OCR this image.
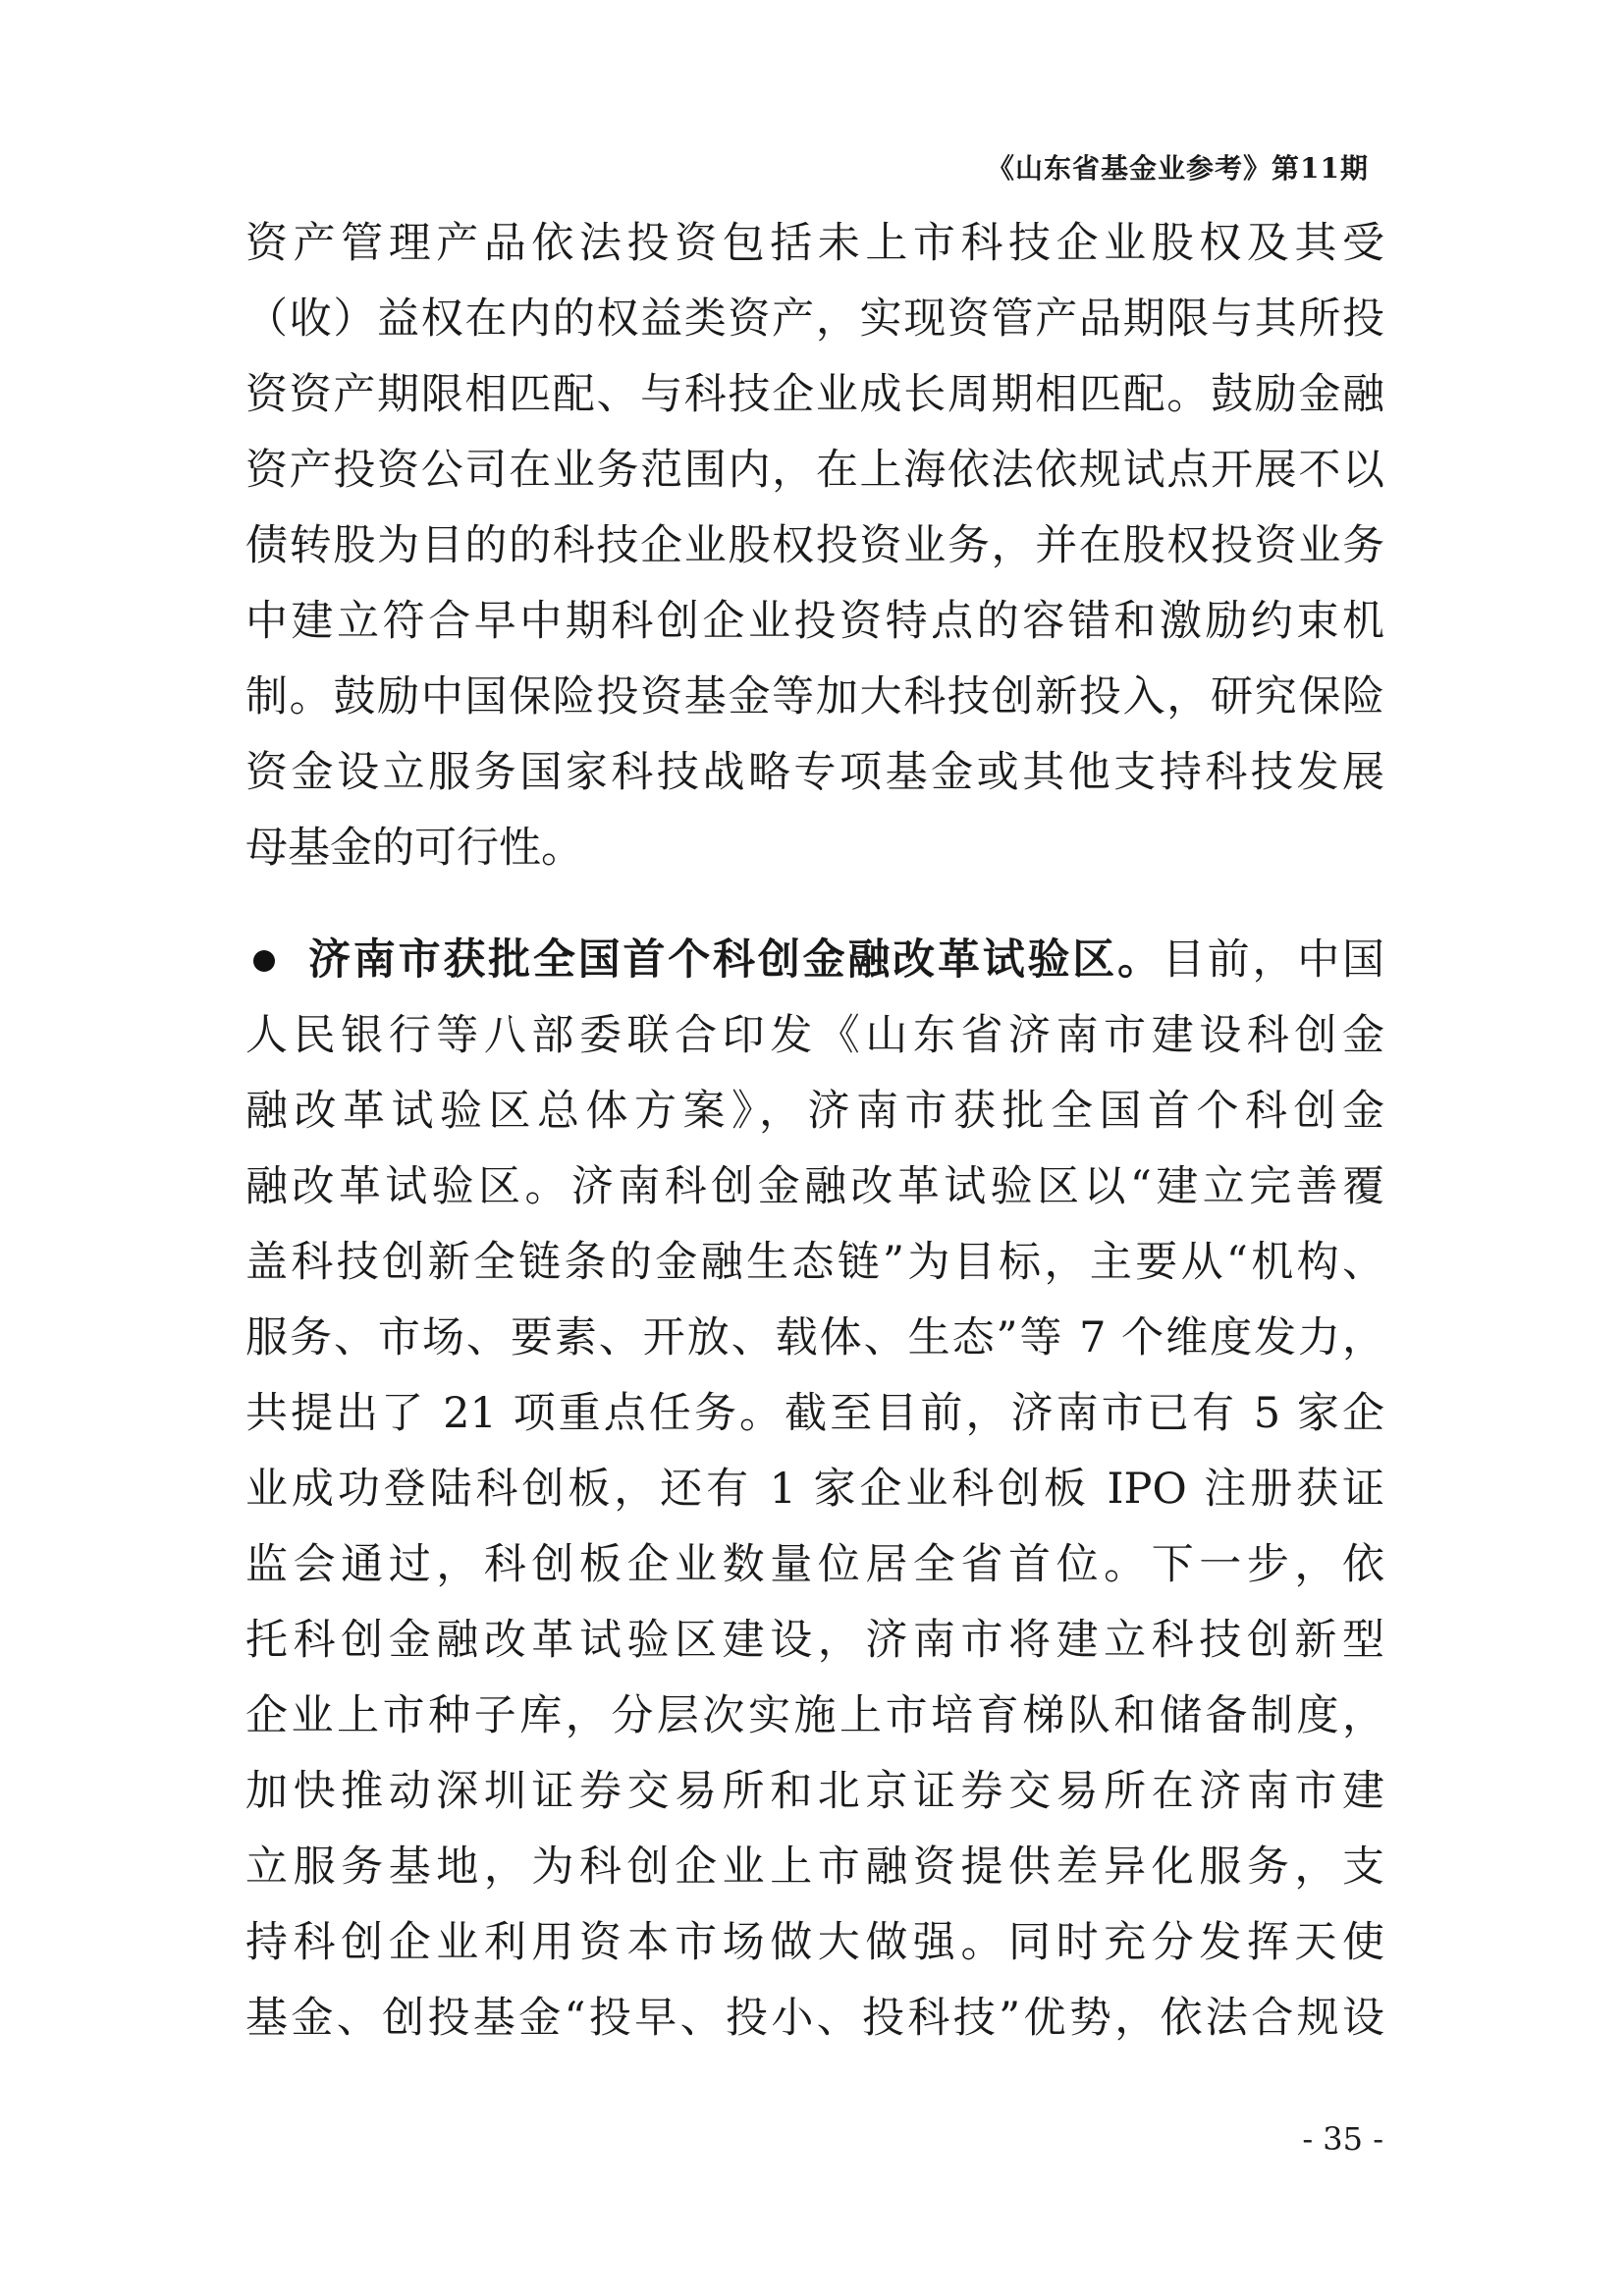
《山东省基金业参考》第11期
资产管理产品依法投资包括未上市科技企业股权及其受
（收）益权在内的权益类资产，实现资管产品期限与其所投
资资产期限相匹配、与科技企业成长周期相匹配。鼓励金融
资产投资公司在业务范围内，在上海依法依规试点开展不以
债转股为目的的科技企业股权投资业务，并在股权投资业务
中建立符合早中期科创企业投资特点的容错和激励约束机
制。鼓励中国保险投资基金等加大科技创新投入，研究保险
资金设立服务国家科技战略专项基金或其他支持科技发展
母基金的可行性。
济南市获批全国首个科创金融改革试验区。目前，中国
人民银行等八部委联合印发《山东省济南市建设科创金
融改革试验区总体方案》，济南市获批全国首个科创金
融改革试验区。济南科创金融改革试验区以“建立完善覆
盖科技创新全链条的金融生态链”为目标，主要从“机构、
服务、市场、要素、开放、载体、生态”等 7 个维度发力，
共提出了 21 项重点任务。截至目前，济南市已有 5 家企
业成功登陆科创板，还有 1 家企业科创板 IPO 注册获证
监会通过，科创板企业数量位居全省首位。下一步，依
托科创金融改革试验区建设，济南市将建立科技创新型
企业上市种子库，分层次实施上市培育梯队和储备制度，
加快推动深圳证券交易所和北京证券交易所在济南市建
立服务基地，为科创企业上市融资提供差异化服务，支
持科创企业利用资本市场做大做强。同时充分发挥天使
基金、创投基金“投早、投小、投科技”优势，依法合规设
- 35 -
